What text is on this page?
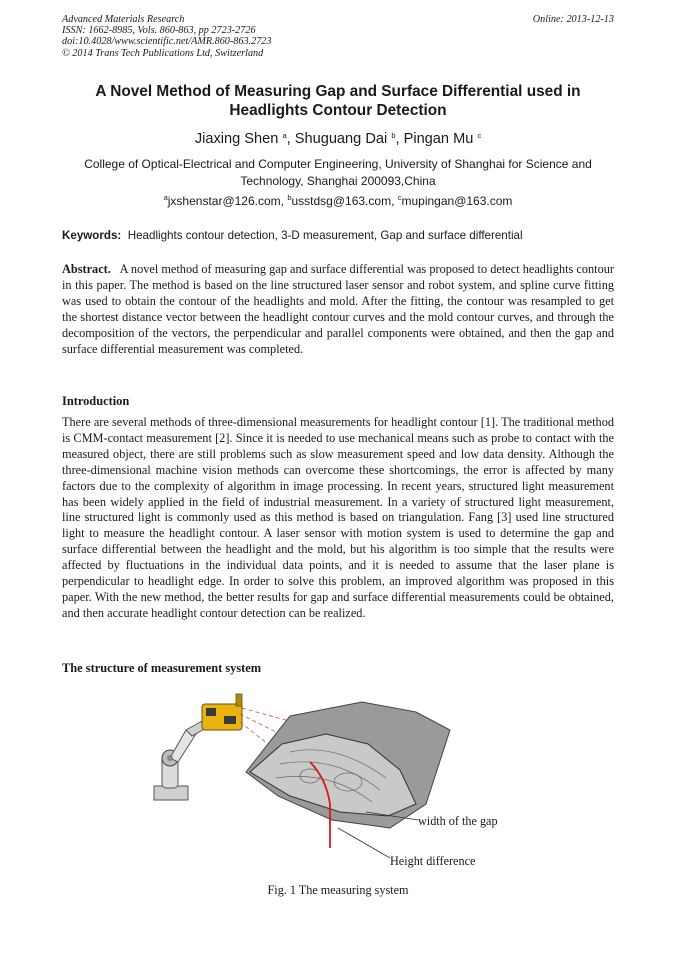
Advanced Materials Research
ISSN: 1662-8985, Vols. 860-863, pp 2723-2726
doi:10.4028/www.scientific.net/AMR.860-863.2723
© 2014 Trans Tech Publications Ltd, Switzerland
Online: 2013-12-13
A Novel Method of Measuring Gap and Surface Differential used in
Headlights Contour Detection
Jiaxing Shen $^a$, Shuguang Dai $^b$, Pingan Mu $^c$
College of Optical-Electrical and Computer Engineering, University of Shanghai for Science and
Technology, Shanghai 200093,China
$^a$jxshenstar@126.com, $^b$usstdsg@163.com, $^c$mupingan@163.com
Keywords: Headlights contour detection, 3-D measurement, Gap and surface differential
Abstract. A novel method of measuring gap and surface differential was proposed to detect headlights contour in this paper. The method is based on the line structured laser sensor and robot system, and spline curve fitting was used to obtain the contour of the headlights and mold. After the fitting, the contour was resampled to get the shortest distance vector between the headlight contour curves and the mold contour curves, and through the decomposition of the vectors, the perpendicular and parallel components were obtained, and then the gap and surface differential measurement was completed.
Introduction
There are several methods of three-dimensional measurements for headlight contour [1]. The traditional method is CMM-contact measurement [2]. Since it is needed to use mechanical means such as probe to contact with the measured object, there are still problems such as slow measurement speed and low data density. Although the three-dimensional machine vision methods can overcome these shortcomings, the error is affected by many factors due to the complexity of algorithm in image processing. In recent years, structured light measurement has been widely applied in the field of industrial measurement. In a variety of structured light measurement, line structured light is commonly used as this method is based on triangulation. Fang [3] used line structured light to measure the headlight contour. A laser sensor with motion system is used to determine the gap and surface differential between the headlight and the mold, but his algorithm is too simple that the results were affected by fluctuations in the individual data points, and it is needed to assume that the laser plane is perpendicular to headlight edge. In order to solve this problem, an improved algorithm was proposed in this paper. With the new method, the better results for gap and surface differential measurements could be obtained, and then accurate headlight contour detection can be realized.
The structure of measurement system
width of the gap
Height difference
Fig. 1 The measuring system
